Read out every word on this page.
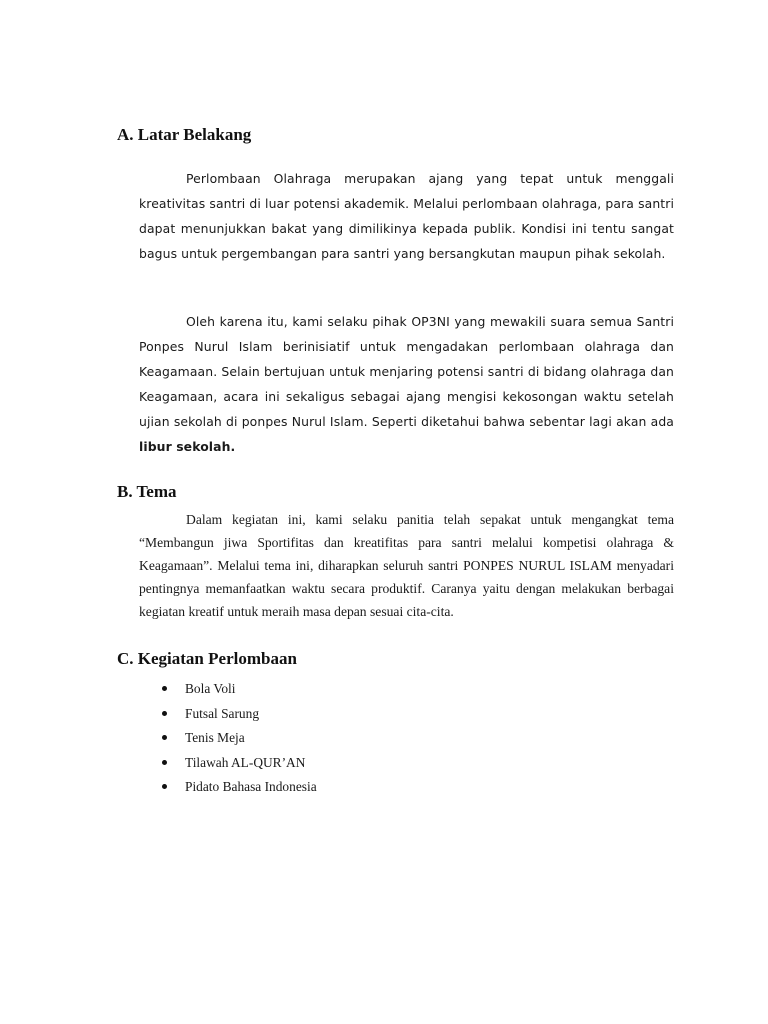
A. Latar Belakang

Perlombaan Olahraga merupakan ajang yang tepat untuk menggali kreativitas santri di luar potensi akademik. Melalui perlombaan olahraga, para santri dapat menunjukkan bakat yang dimilikinya kepada publik. Kondisi ini tentu sangat bagus untuk pergembangan para santri yang bersangkutan maupun pihak sekolah.

Oleh karena itu, kami selaku pihak OP3NI yang mewakili suara semua Santri Ponpes Nurul Islam berinisiatif untuk mengadakan perlombaan olahraga dan Keagamaan. Selain bertujuan untuk menjaring potensi santri di bidang olahraga dan Keagamaan, acara ini sekaligus sebagai ajang mengisi kekosongan waktu setelah ujian sekolah di ponpes Nurul Islam. Seperti diketahui bahwa sebentar lagi akan ada libur sekolah.

B. Tema

Dalam kegiatan ini, kami selaku panitia telah sepakat untuk mengangkat tema “Membangun jiwa Sportifitas dan kreatifitas para santri melalui kompetisi olahraga & Keagamaan”. Melalui tema ini, diharapkan seluruh santri PONPES NURUL ISLAM menyadari pentingnya memanfaatkan waktu secara produktif. Caranya yaitu dengan melakukan berbagai kegiatan kreatif untuk meraih masa depan sesuai cita-cita.

C. Kegiatan Perlombaan
Bola Voli
Futsal Sarung
Tenis Meja
Tilawah AL-QUR’AN
Pidato Bahasa Indonesia
